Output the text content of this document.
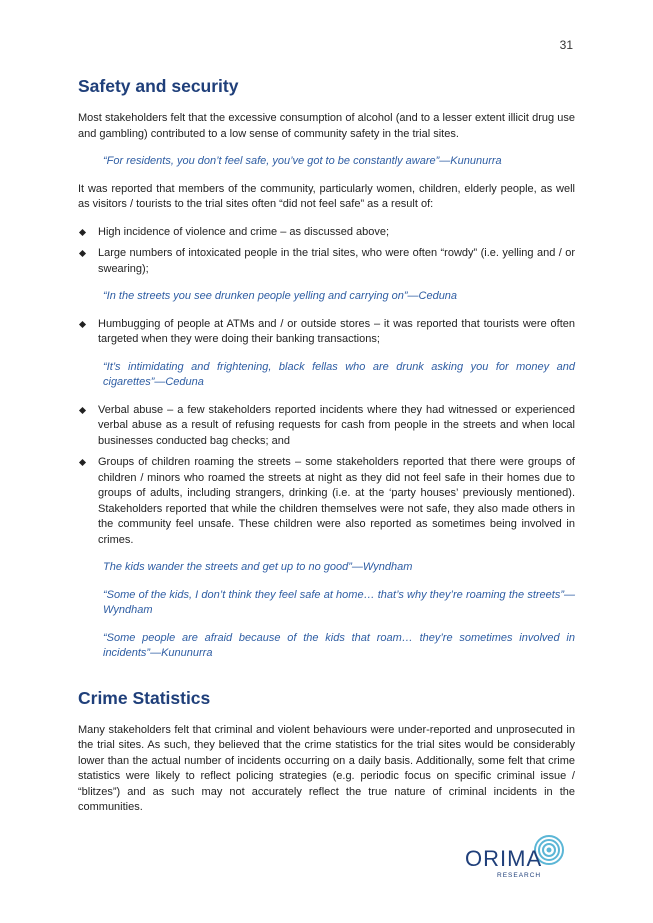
31
Safety and security

Most stakeholders felt that the excessive consumption of alcohol (and to a lesser extent illicit drug use and gambling) contributed to a low sense of community safety in the trial sites.

“For residents, you don’t feel safe, you’ve got to be constantly aware”—Kununurra

It was reported that members of the community, particularly women, children, elderly people, as well as visitors / tourists to the trial sites often “did not feel safe” as a result of:

High incidence of violence and crime – as discussed above;
Large numbers of intoxicated people in the trial sites, who were often “rowdy” (i.e. yelling and / or swearing);
“In the streets you see drunken people yelling and carrying on”—Ceduna
Humbugging of people at ATMs and / or outside stores – it was reported that tourists were often targeted when they were doing their banking transactions;
“It’s intimidating and frightening, black fellas who are drunk asking you for money and cigarettes”—Ceduna
Verbal abuse – a few stakeholders reported incidents where they had witnessed or experienced verbal abuse as a result of refusing requests for cash from people in the streets and when local businesses conducted bag checks; and
Groups of children roaming the streets – some stakeholders reported that there were groups of children / minors who roamed the streets at night as they did not feel safe in their homes due to groups of adults, including strangers, drinking (i.e. at the ‘party houses’ previously mentioned). Stakeholders reported that while the children themselves were not safe, they also made others in the community feel unsafe. These children were also reported as sometimes being involved in crimes.
The kids wander the streets and get up to no good”—Wyndham
“Some of the kids, I don’t think they feel safe at home… that’s why they’re roaming the streets”—Wyndham
“Some people are afraid because of the kids that roam… they’re sometimes involved in incidents”—Kununurra
Crime Statistics

Many stakeholders felt that criminal and violent behaviours were under-reported and unprosecuted in the trial sites. As such, they believed that the crime statistics for the trial sites would be considerably lower than the actual number of incidents occurring on a daily basis. Additionally, some felt that crime statistics were likely to reflect policing strategies (e.g. periodic focus on specific criminal issue / “blitzes”) and as such may not accurately reflect the true nature of criminal incidents in the communities.

ORIMA
RESEARCH
